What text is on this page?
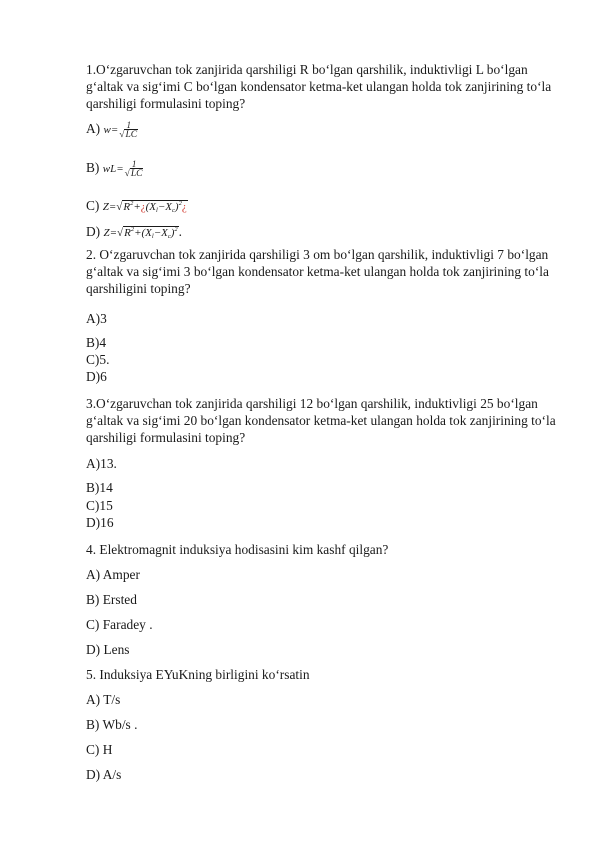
1.O‘zgaruvchan tok zanjirida qarshiligi R bo‘lgan qarshilik, induktivligi L bo‘lgan g‘altak va sig‘imi C bo‘lgan kondensator ketma-ket ulangan holda tok zanjirining to‘la qarshiligi formulasini toping?

A) w= 1
√LC
B) wL= 1
√LC
C) $Z=√R^2+¿(X_l-X_c)^2¿$
D) $Z=√R^2+(X_l-X_c)^2$.

2. O‘zgaruvchan tok zanjirida qarshiligi 3 om bo‘lgan qarshilik, induktivligi 7 bo‘lgan g‘altak va sig‘imi 3 bo‘lgan kondensator ketma-ket ulangan holda tok zanjirining to‘la qarshiligini toping?

A)3
B)4
C)5.
D)6

3.O‘zgaruvchan tok zanjirida qarshiligi 12 bo‘lgan qarshilik, induktivligi 25 bo‘lgan g‘altak va sig‘imi 20 bo‘lgan kondensator ketma-ket ulangan holda tok zanjirining to‘la qarshiligi formulasini toping?

A)13.
B)14
C)15
D)16

4. Elektromagnit induksiya hodisasini kim kashf qilgan?

A) Amper
B) Ersted
C) Faradey .
D) Lens

5. Induksiya EYuKning birligini ko‘rsatin

A) T/s
B) Wb/s .
C) H
D) A/s
